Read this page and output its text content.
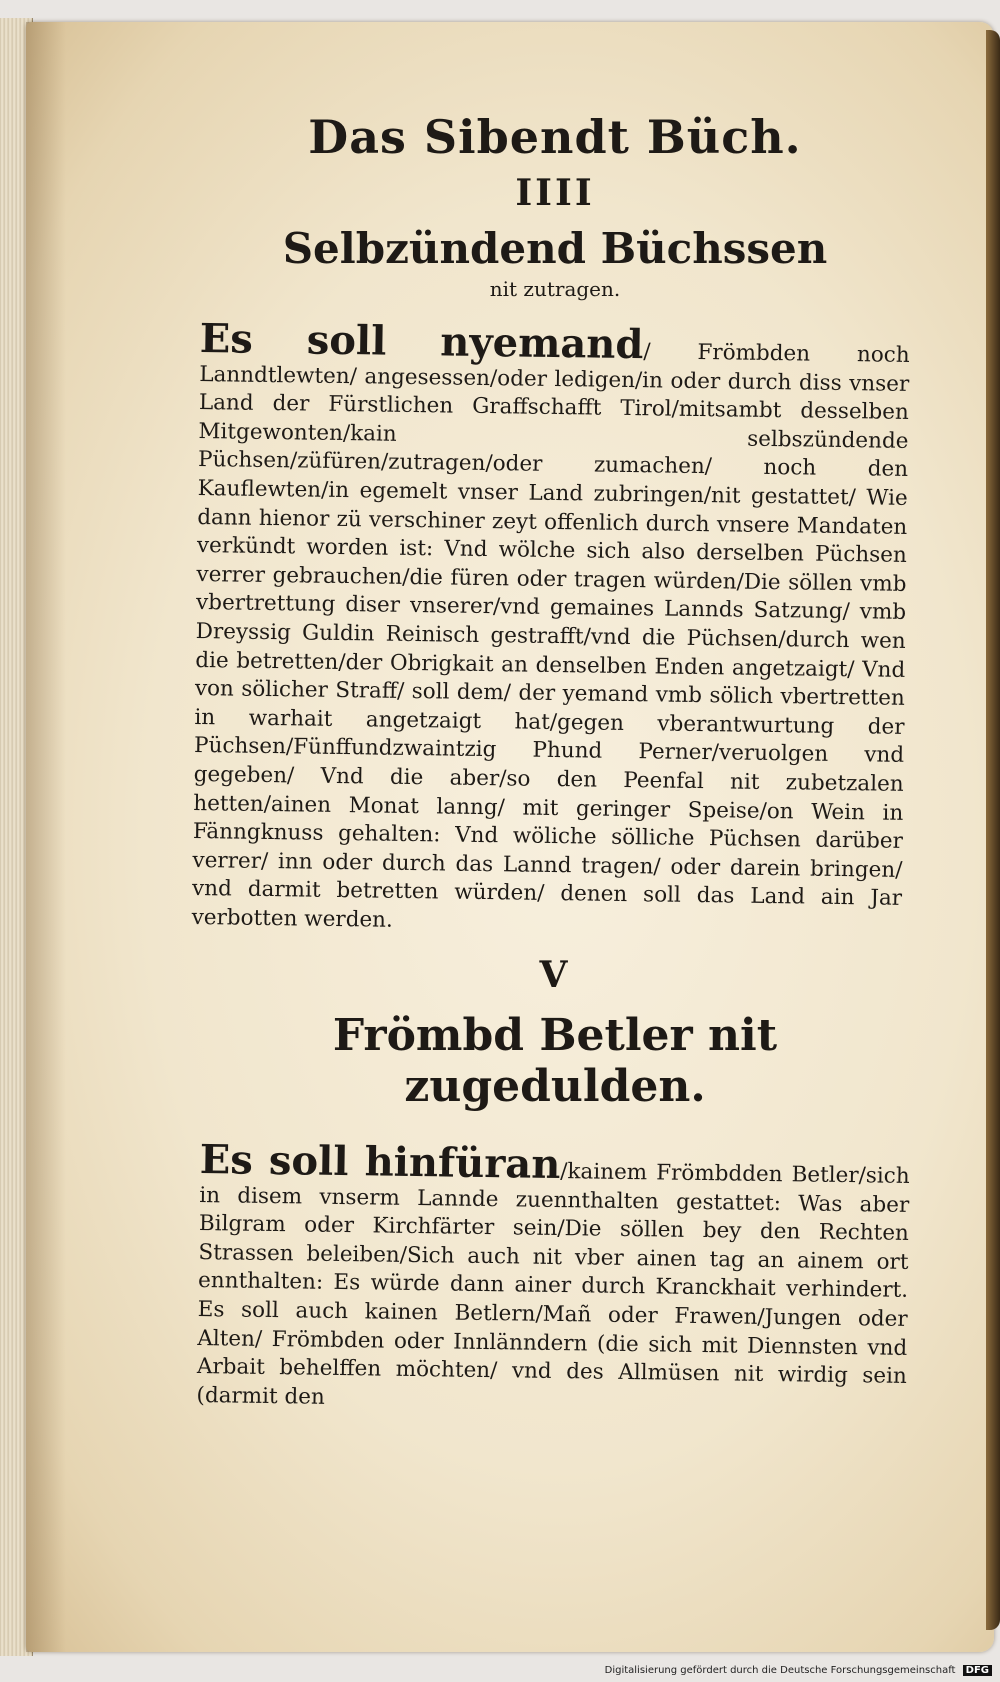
Das Sibendt Büch.
IIII
Selbzündend Büchssen
nit zutragen.

Es soll nyemand/ Frömbden noch Lanndtlewten/ angesessen/oder ledigen/in oder durch diss vnser Land der Fürstlichen Graffschafft Tirol/mitsambt desselben Mitgewonten/kain selbszündende Püchsen/züfüren/zutragen/oder zumachen/ noch den Kauflewten/in egemelt vnser Land zubringen/nit gestattet/ Wie dann hienor zü verschiner zeyt offenlich durch vnsere Mandaten verkündt worden ist: Vnd wölche sich also derselben Püchsen verrer gebrauchen/die füren oder tragen würden/Die söllen vmb vbertrettung diser vnserer/vnd gemaines Lannds Satzung/ vmb Dreyssig Guldin Reinisch gestrafft/vnd die Püchsen/durch wen die betretten/der Obrigkait an denselben Enden angetzaigt/ Vnd von sölicher Straff/ soll dem/ der yemand vmb sölich vbertretten in warhait angetzaigt hat/gegen vberantwurtung der Püchsen/Fünffundzwaintzig Phund Perner/veruolgen vnd gegeben/ Vnd die aber/so den Peenfal nit zubetzalen hetten/ainen Monat lanng/ mit geringer Speise/on Wein in Fänngknuss gehalten: Vnd wöliche sölliche Püchsen darüber verrer/ inn oder durch das Lannd tragen/ oder darein bringen/ vnd darmit betretten würden/ denen soll das Land ain Jar verbotten werden.

V
Frömbd Betler nit zugedulden.

Es soll hinfüran/kainem Frömbdden Betler/sich in disem vnserm Lannde zuennthalten gestattet: Was aber Bilgram oder Kirchfärter sein/Die söllen bey den Rechten Strassen beleiben/Sich auch nit vber ainen tag an ainem ort ennthalten: Es würde dann ainer durch Kranckhait verhindert. Es soll auch kainen Betlern/Mañ oder Frawen/Jungen oder Alten/ Frömbden oder Innlänndern (die sich mit Diennsten vnd Arbait behelffen möchten/ vnd des Allmüsen nit wirdig sein (darmit den

Digitalisierung gefördert durch die Deutsche Forschungsgemeinschaft DFG
